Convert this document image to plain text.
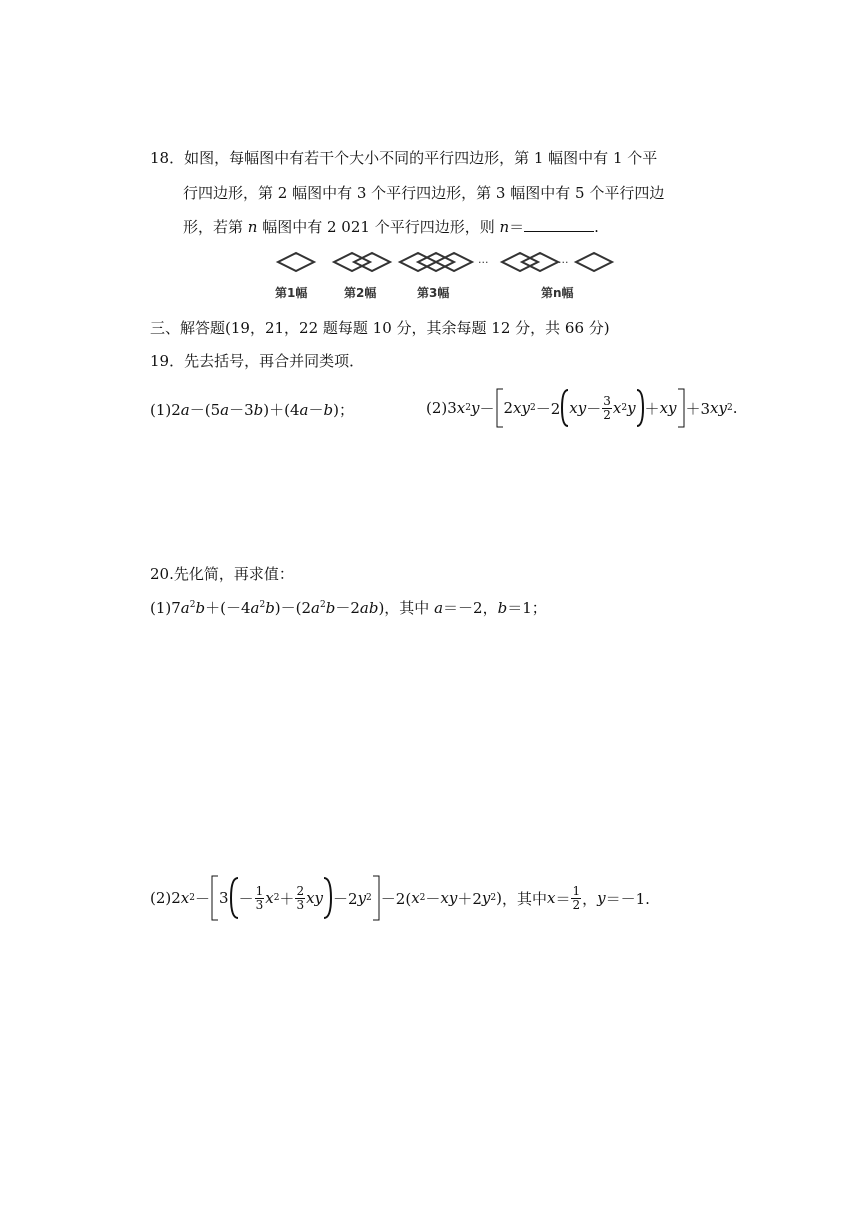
18．如图，每幅图中有若干个大小不同的平行四边形，第 1 幅图中有 1 个平
行四边形，第 2 幅图中有 3 个平行四边形，第 3 幅图中有 5 个平行四边
形，若第 n 幅图中有 2 021 个平行四边形，则 n＝	.
···	···
第1幅	第2幅	第3幅	第n幅
三、解答题(19，21，22 题每题 10 分，其余每题 12 分，共 66 分)
19．先去括号，再合并同类项．
(1)2a－(5a－3b)＋(4a－b)；	(2) 3 x 2 y － 2 xy 2 －2 xy － $\frac{3}{2}$ x 2 y ＋ xy ＋3 xy 2 .
20.先化简，再求值：
$(1)7a^2b+(-4a^2b)-(2a^2b-2ab)$，其中 a＝－2，b＝1；
(2) 2 x $2 - 3 - \frac{1}{3}$ x $2 + \frac{2}{3}$ xy －2 y 2 －2( x 2 － xy ＋2 y 2 ) ，其中 $x = \frac{1}{2}$ ， y ＝－1.
